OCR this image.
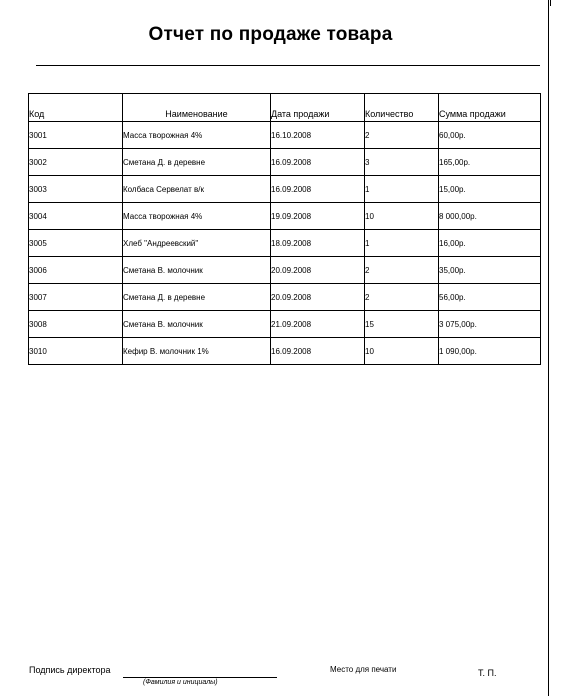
Отчет по продаже товара
Код	Наименование	Дата продажи	Количество	Сумма продажи
3001	Масса творожная 4%	16.10.2008	2	60,00р.
3002	Сметана Д. в деревне	16.09.2008	3	165,00р.
3003	Колбаса Сервелат в/к	16.09.2008	1	15,00р.
3004	Масса творожная 4%	19.09.2008	10	8 000,00р.
3005	Хлеб "Андреевский"	18.09.2008	1	16,00р.
3006	Сметана В. молочник	20.09.2008	2	35,00р.
3007	Сметана Д. в деревне	20.09.2008	2	56,00р.
3008	Сметана В. молочник	21.09.2008	15	3 075,00р.
3010	Кефир В. молочник 1%	16.09.2008	10	1 090,00р.
Подпись директора
(Фамилия и инициалы)
Место для печати	Т. П.
